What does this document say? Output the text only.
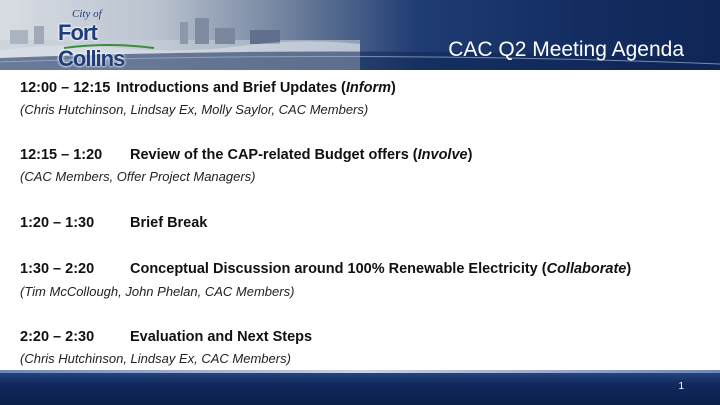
City of
Fort Collins	CAC Q2 Meeting Agenda
12:00 – 12:15 Introductions and Brief Updates (Inform)
(Chris Hutchinson, Lindsay Ex, Molly Saylor, CAC Members)
12:15 – 1:20 Review of the CAP-related Budget offers (Involve)
(CAC Members, Offer Project Managers)
1:20 – 1:30 Brief Break
1:30 – 2:20 Conceptual Discussion around 100% Renewable Electricity (Collaborate)
(Tim McCollough, John Phelan, CAC Members)
2:20 – 2:30 Evaluation and Next Steps
(Chris Hutchinson, Lindsay Ex, CAC Members)
1
